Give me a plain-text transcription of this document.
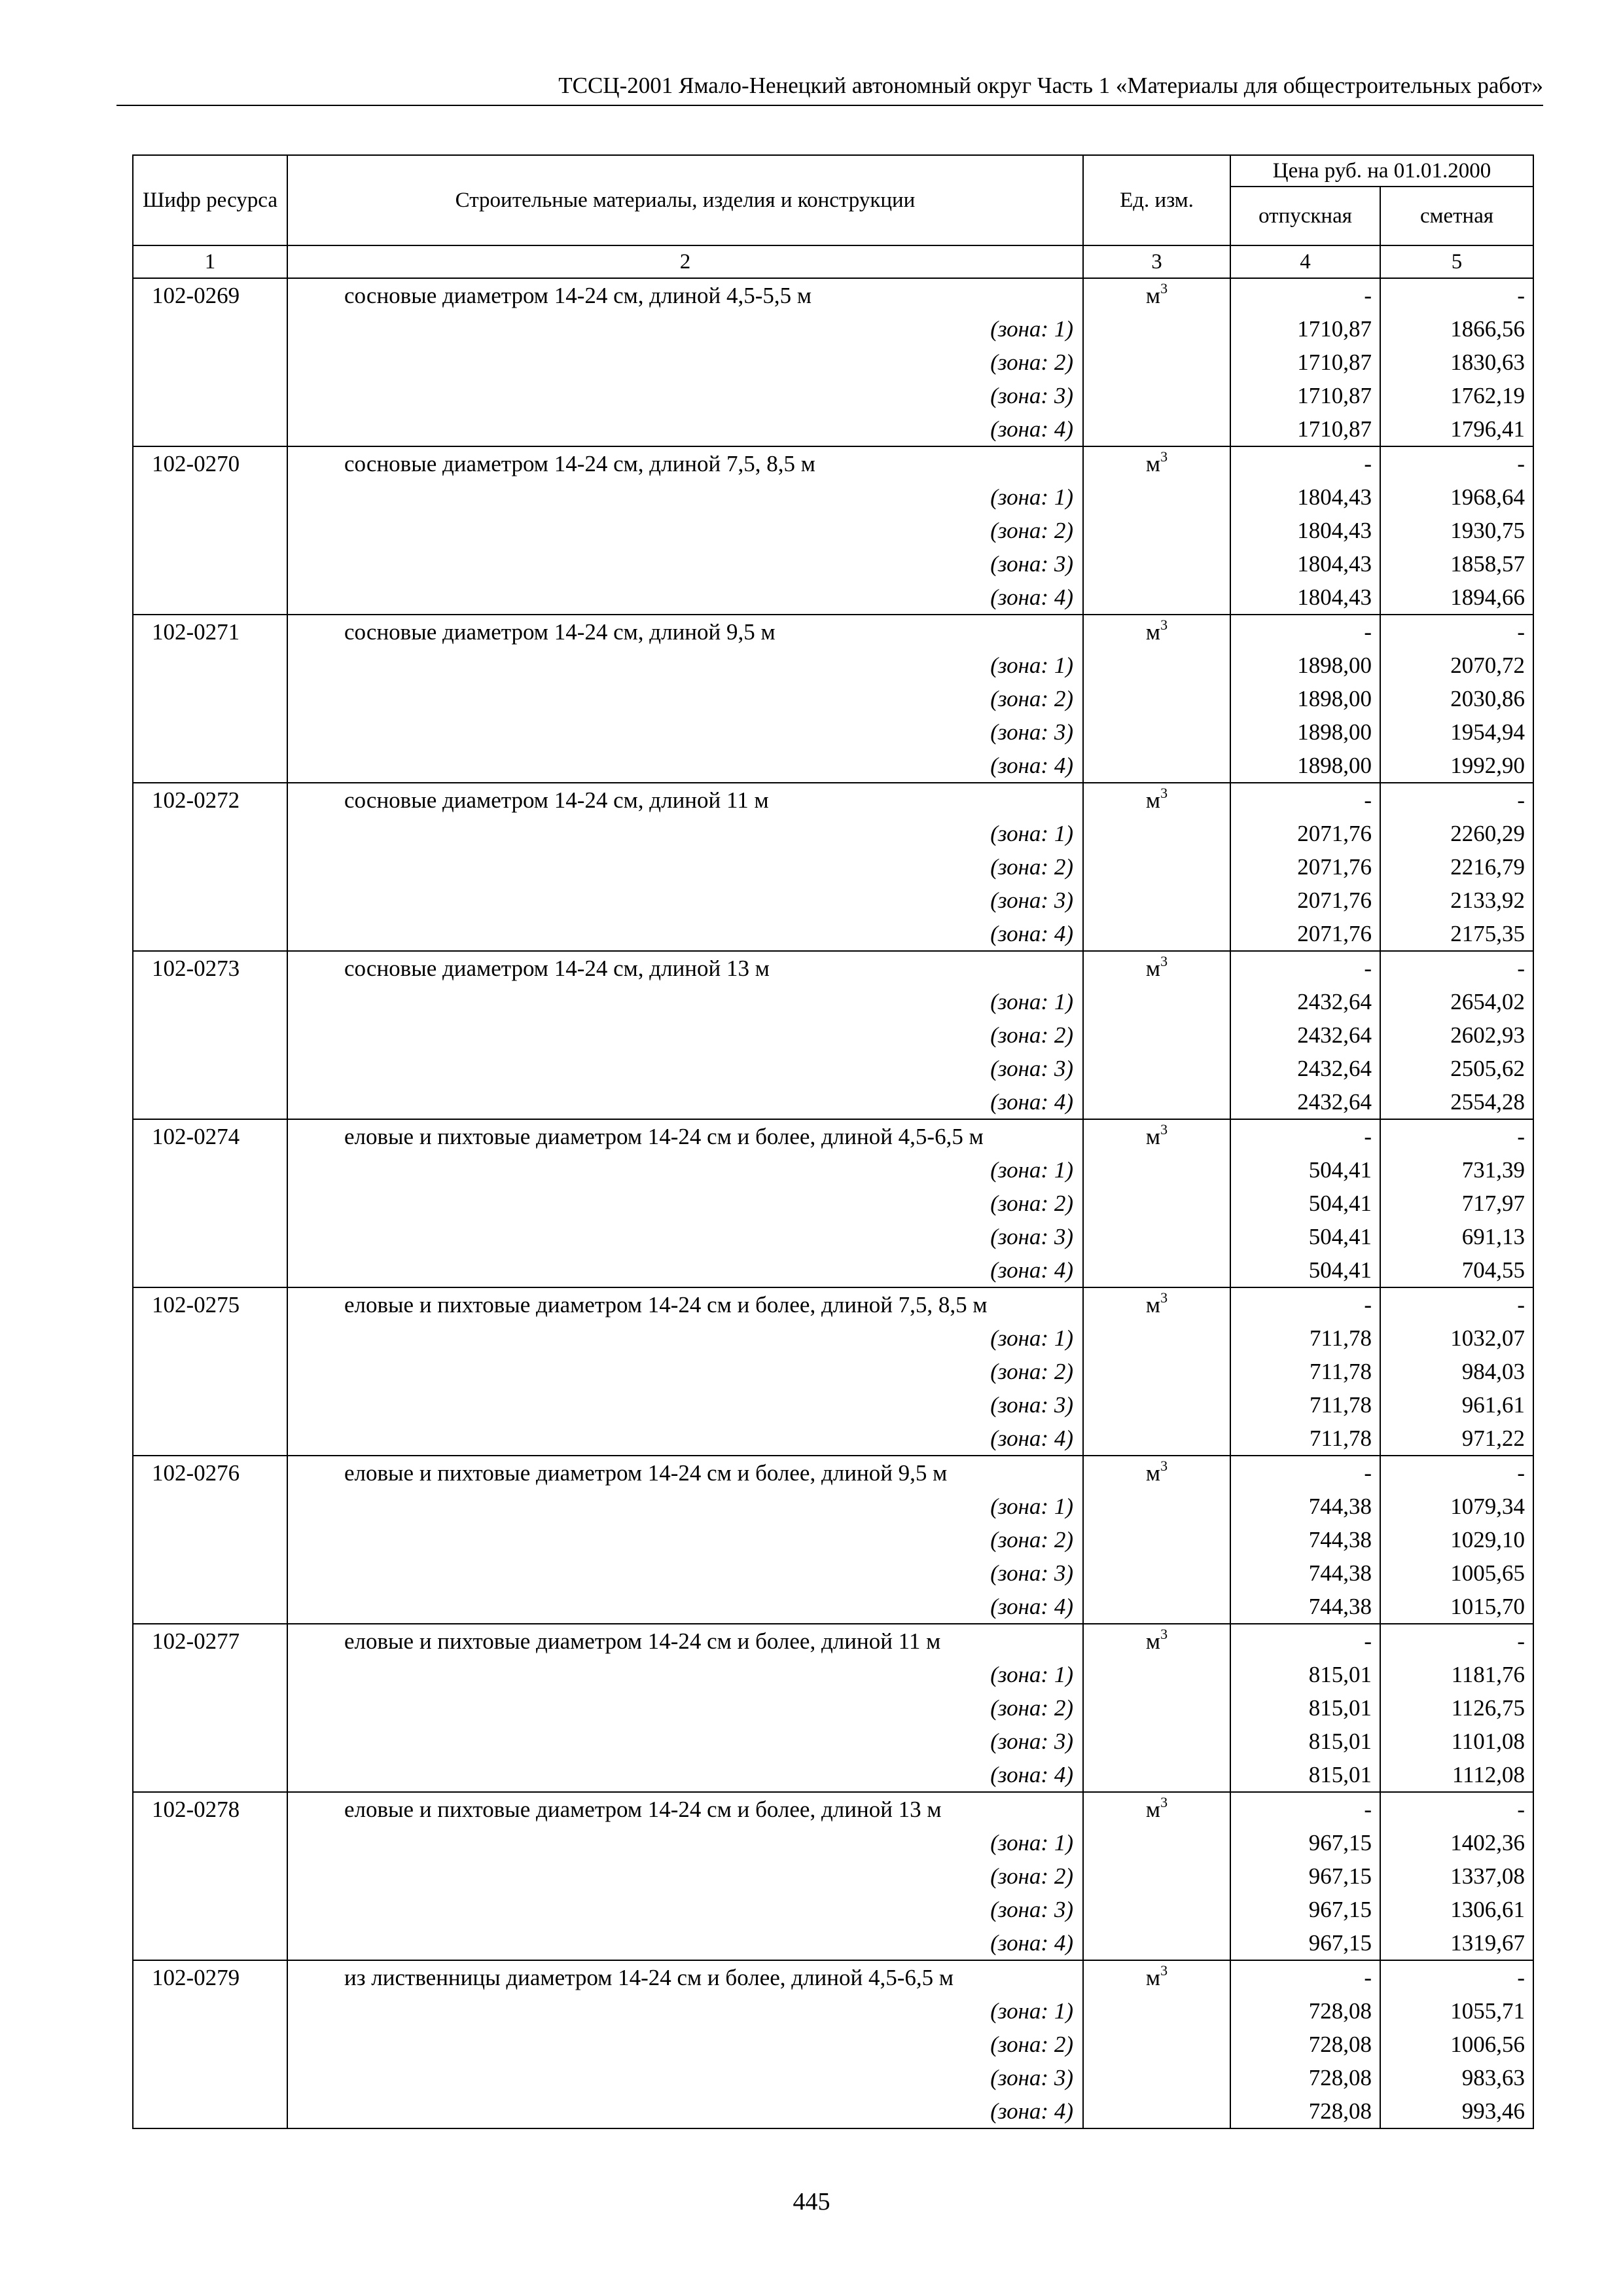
ТССЦ-2001 Ямало-Ненецкий автономный округ Часть 1 «Материалы для общестроительных работ»
Шифр ресурса	Строительные материалы, изделия и конструкции	Ед. изм.	Цена руб. на 01.01.2000	
			отпускная	сметная
1	2	3	4	5
102-0269	сосновые диаметром 14-24 см, длиной 4,5-5,5 м	$м^3$	-	-
	(зона: 1)		1710,87	1866,56
	(зона: 2)		1710,87	1830,63
	(зона: 3)		1710,87	1762,19
	(зона: 4)		1710,87	1796,41
102-0270	сосновые диаметром 14-24 см, длиной 7,5, 8,5 м	$м^3$	-	-
	(зона: 1)		1804,43	1968,64
	(зона: 2)		1804,43	1930,75
	(зона: 3)		1804,43	1858,57
	(зона: 4)		1804,43	1894,66
102-0271	сосновые диаметром 14-24 см, длиной 9,5 м	$м^3$	-	-
	(зона: 1)		1898,00	2070,72
	(зона: 2)		1898,00	2030,86
	(зона: 3)		1898,00	1954,94
	(зона: 4)		1898,00	1992,90
102-0272	сосновые диаметром 14-24 см, длиной 11 м	$м^3$	-	-
	(зона: 1)		2071,76	2260,29
	(зона: 2)		2071,76	2216,79
	(зона: 3)		2071,76	2133,92
	(зона: 4)		2071,76	2175,35
102-0273	сосновые диаметром 14-24 см, длиной 13 м	$м^3$	-	-
	(зона: 1)		2432,64	2654,02
	(зона: 2)		2432,64	2602,93
	(зона: 3)		2432,64	2505,62
	(зона: 4)		2432,64	2554,28
102-0274	еловые и пихтовые диаметром 14-24 см и более, длиной 4,5-6,5 м	$м^3$	-	-
	(зона: 1)		504,41	731,39
	(зона: 2)		504,41	717,97
	(зона: 3)		504,41	691,13
	(зона: 4)		504,41	704,55
102-0275	еловые и пихтовые диаметром 14-24 см и более, длиной 7,5, 8,5 м	$м^3$	-	-
	(зона: 1)		711,78	1032,07
	(зона: 2)		711,78	984,03
	(зона: 3)		711,78	961,61
	(зона: 4)		711,78	971,22
102-0276	еловые и пихтовые диаметром 14-24 см и более, длиной 9,5 м	$м^3$	-	-
	(зона: 1)		744,38	1079,34
	(зона: 2)		744,38	1029,10
	(зона: 3)		744,38	1005,65
	(зона: 4)		744,38	1015,70
102-0277	еловые и пихтовые диаметром 14-24 см и более, длиной 11 м	$м^3$	-	-
	(зона: 1)		815,01	1181,76
	(зона: 2)		815,01	1126,75
	(зона: 3)		815,01	1101,08
	(зона: 4)		815,01	1112,08
102-0278	еловые и пихтовые диаметром 14-24 см и более, длиной 13 м	$м^3$	-	-
	(зона: 1)		967,15	1402,36
	(зона: 2)		967,15	1337,08
	(зона: 3)		967,15	1306,61
	(зона: 4)		967,15	1319,67
102-0279	из лиственницы диаметром 14-24 см и более, длиной 4,5-6,5 м	$м^3$	-	-
	(зона: 1)		728,08	1055,71
	(зона: 2)		728,08	1006,56
	(зона: 3)		728,08	983,63
	(зона: 4)		728,08	993,46
445
